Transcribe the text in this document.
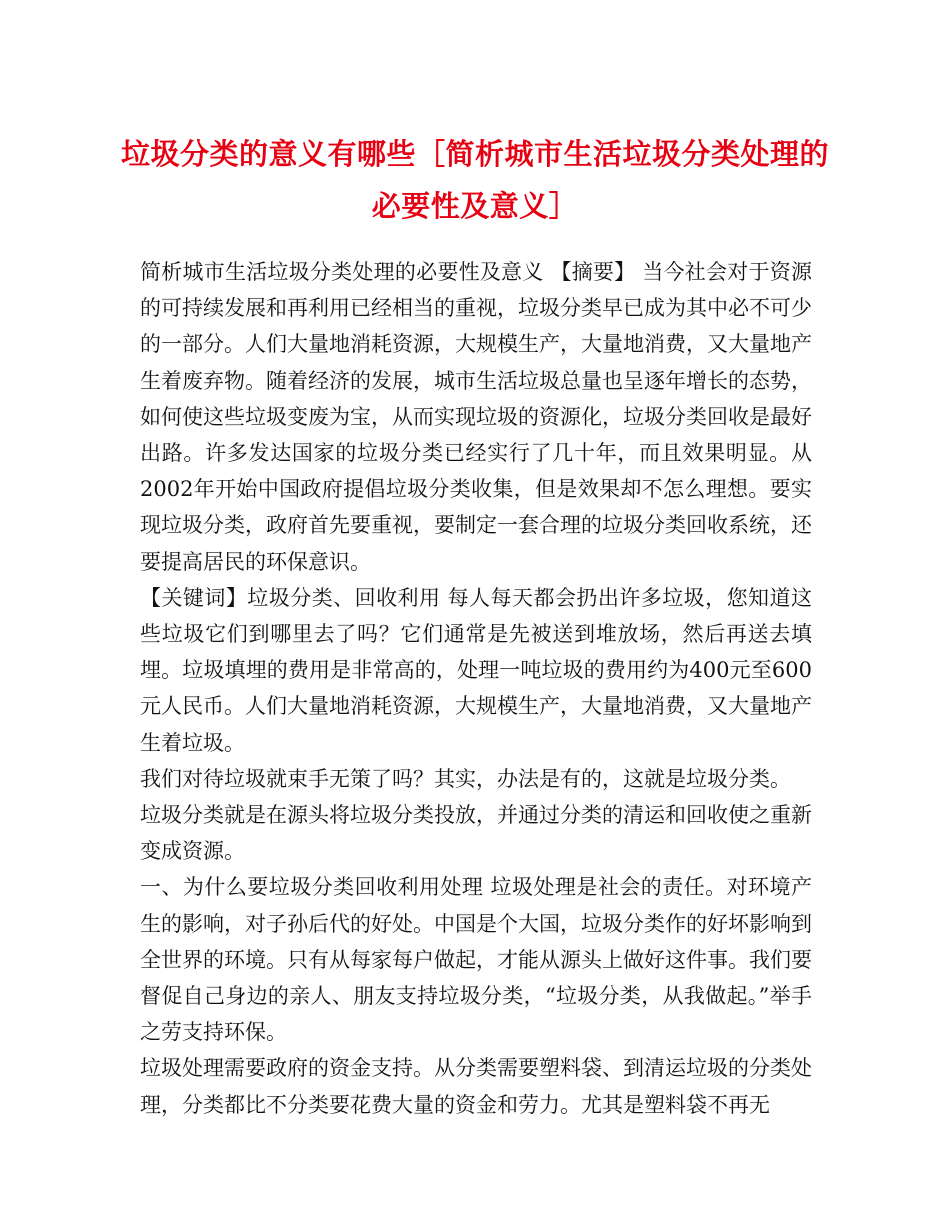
垃圾分类的意义有哪些［简析城市生活垃圾分类处理的必要性及意义］

简析城市生活垃圾分类处理的必要性及意义 【摘要】 当今社会对于资源的可持续发展和再利用已经相当的重视，垃圾分类早已成为其中必不可少的一部分。人们大量地消耗资源，大规模生产，大量地消费，又大量地产生着废弃物。随着经济的发展，城市生活垃圾总量也呈逐年增长的态势，如何使这些垃圾变废为宝，从而实现垃圾的资源化，垃圾分类回收是最好出路。许多发达国家的垃圾分类已经实行了几十年，而且效果明显。从2002年开始中国政府提倡垃圾分类收集，但是效果却不怎么理想。要实现垃圾分类，政府首先要重视，要制定一套合理的垃圾分类回收系统，还要提高居民的环保意识。

【关键词】垃圾分类、回收利用 每人每天都会扔出许多垃圾，您知道这些垃圾它们到哪里去了吗？它们通常是先被送到堆放场，然后再送去填埋。垃圾填埋的费用是非常高的，处理一吨垃圾的费用约为400元至600元人民币。人们大量地消耗资源，大规模生产，大量地消费，又大量地产生着垃圾。

我们对待垃圾就束手无策了吗？其实，办法是有的，这就是垃圾分类。

垃圾分类就是在源头将垃圾分类投放，并通过分类的清运和回收使之重新变成资源。

一、为什么要垃圾分类回收利用处理 垃圾处理是社会的责任。对环境产生的影响，对子孙后代的好处。中国是个大国，垃圾分类作的好坏影响到全世界的环境。只有从每家每户做起，才能从源头上做好这件事。我们要督促自己身边的亲人、朋友支持垃圾分类，“垃圾分类，从我做起。”举手之劳支持环保。

垃圾处理需要政府的资金支持。从分类需要塑料袋、到清运垃圾的分类处理，分类都比不分类要花费大量的资金和劳力。尤其是塑料袋不再无
